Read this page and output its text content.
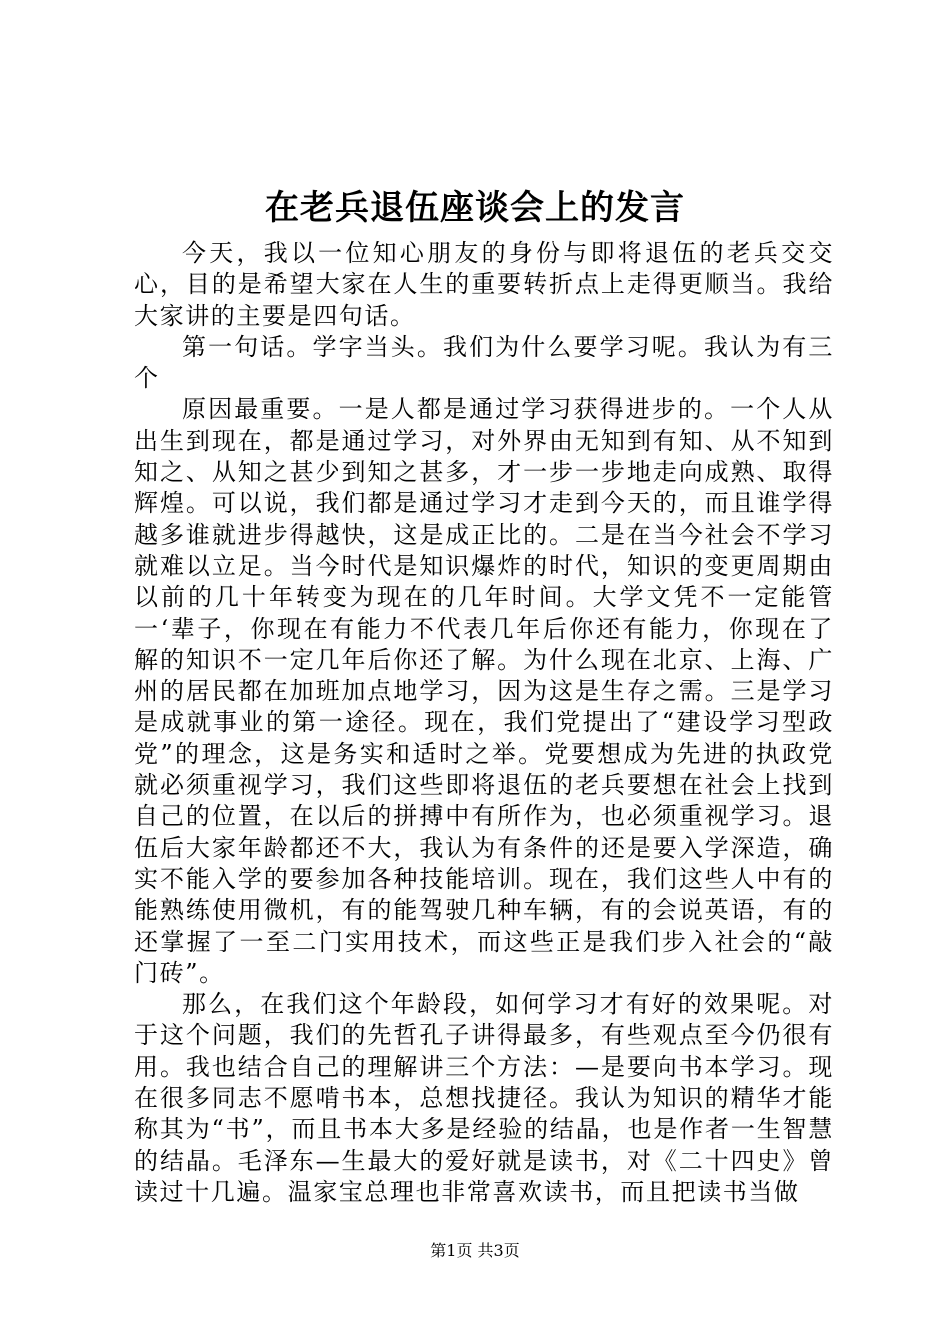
在老兵退伍座谈会上的发言

今天，我以一位知心朋友的身份与即将退伍的老兵交交心，目的是希望大家在人生的重要转折点上走得更顺当。我给大家讲的主要是四句话。

第一句话。学字当头。我们为什么要学习呢。我认为有三个

原因最重要。一是人都是通过学习获得进步的。一个人从出生到现在，都是通过学习，对外界由无知到有知、从不知到知之、从知之甚少到知之甚多，才一步一步地走向成熟、取得辉煌。可以说，我们都是通过学习才走到今天的，而且谁学得越多谁就进步得越快，这是成正比的。二是在当今社会不学习就难以立足。当今时代是知识爆炸的时代，知识的变更周期由以前的几十年转变为现在的几年时间。大学文凭不一定能管一‘辈子，你现在有能力不代表几年后你还有能力，你现在了解的知识不一定几年后你还了解。为什么现在北京、上海、广州的居民都在加班加点地学习，因为这是生存之需。三是学习是成就事业的第一途径。现在，我们党提出了“建设学习型政党”的理念，这是务实和适时之举。党要想成为先进的执政党就必须重视学习，我们这些即将退伍的老兵要想在社会上找到自己的位置，在以后的拼搏中有所作为，也必须重视学习。退伍后大家年龄都还不大，我认为有条件的还是要入学深造，确实不能入学的要参加各种技能培训。现在，我们这些人中有的能熟练使用微机，有的能驾驶几种车辆，有的会说英语，有的还掌握了一至二门实用技术，而这些正是我们步入社会的“敲门砖”。

那么，在我们这个年龄段，如何学习才有好的效果呢。对于这个问题，我们的先哲孔子讲得最多，有些观点至今仍很有用。我也结合自己的理解讲三个方法：—是要向书本学习。现在很多同志不愿啃书本，总想找捷径。我认为知识的精华才能称其为“书”，而且书本大多是经验的结晶，也是作者一生智慧的结晶。毛泽东—生最大的爱好就是读书，对《二十四史》曾读过十几遍。温家宝总理也非常喜欢读书，而且把读书当做

第1页 共3页
